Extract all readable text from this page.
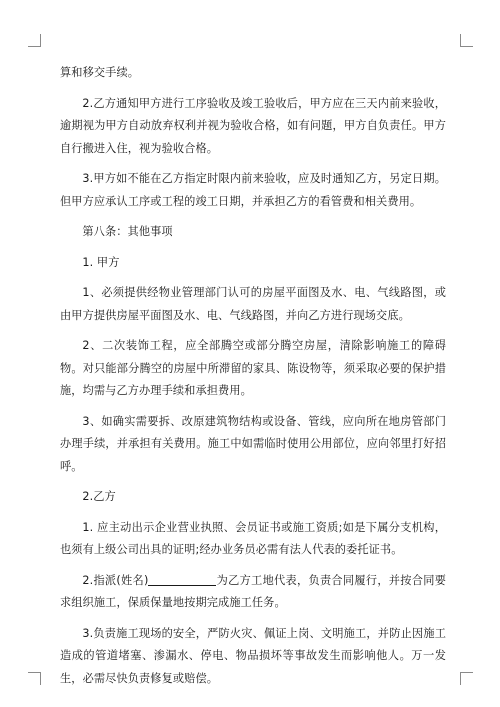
算和移交手续。

2.乙方通知甲方进行工序验收及竣工验收后，甲方应在三天内前来验收，逾期视为甲方自动放弃权利并视为验收合格，如有问题，甲方自负责任。甲方自行搬进入住，视为验收合格。

3.甲方如不能在乙方指定时限内前来验收，应及时通知乙方，另定日期。但甲方应承认工序或工程的竣工日期，并承担乙方的看管费和相关费用。

第八条：其他事项

1. 甲方

1、必须提供经物业管理部门认可的房屋平面图及水、电、气线路图，或由甲方提供房屋平面图及水、电、气线路图，并向乙方进行现场交底。

2、二次装饰工程，应全部腾空或部分腾空房屋，清除影响施工的障碍物。对只能部分腾空的房屋中所滞留的家具、陈设物等，须采取必要的保护措施，均需与乙方办理手续和承担费用。

3、如确实需要拆、改原建筑物结构或设备、管线，应向所在地房管部门办理手续，并承担有关费用。施工中如需临时使用公用部位，应向邻里打好招呼。

2.乙方

1. 应主动出示企业营业执照、会员证书或施工资质;如是下属分支机构，也须有上级公司出具的证明;经办业务员必需有法人代表的委托证书。

2.指派(姓名)	为乙方工地代表，负责合同履行，并按合同要求组织施工，保质保量地按期完成施工任务。

3.负责施工现场的安全，严防火灾、佩证上岗、文明施工，并防止因施工造成的管道堵塞、渗漏水、停电、物品损坏等事故发生而影响他人。万一发生，必需尽快负责修复或赔偿。
